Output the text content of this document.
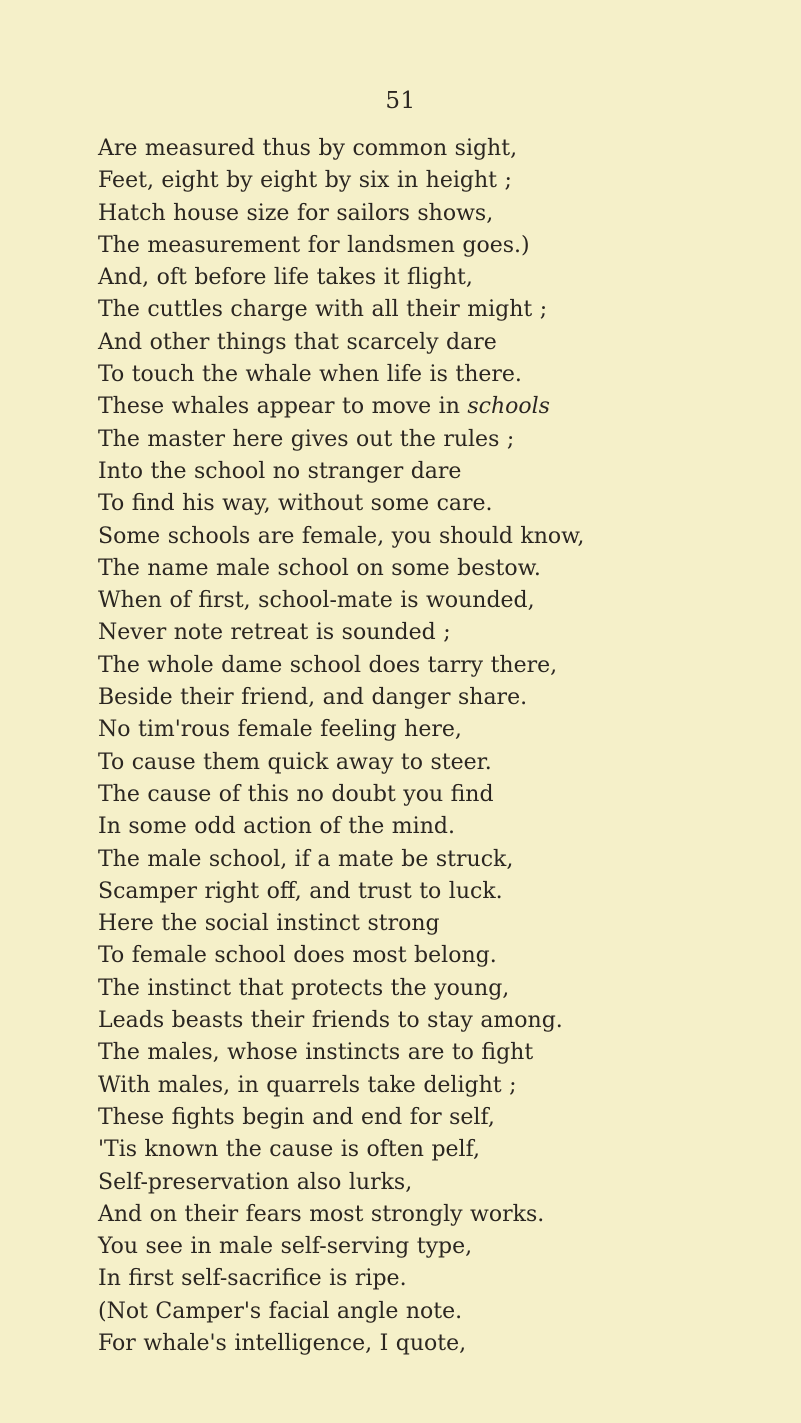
51
Are measured thus by common sight,
Feet, eight by eight by six in height ;
Hatch house size for sailors shows,
The measurement for landsmen goes.)
And, oft before life takes it flight,
The cuttles charge with all their might ;
And other things that scarcely dare
To touch the whale when life is there.
These whales appear to move in schools
The master here gives out the rules ;
Into the school no stranger dare
To find his way, without some care.
Some schools are female, you should know,
The name male school on some bestow.
When of first, school-mate is wounded,
Never note retreat is sounded ;
The whole dame school does tarry there,
Beside their friend, and danger share.
No tim'rous female feeling here,
To cause them quick away to steer.
The cause of this no doubt you find
In some odd action of the mind.
The male school, if a mate be struck,
Scamper right off, and trust to luck.
Here the social instinct strong
To female school does most belong.
The instinct that protects the young,
Leads beasts their friends to stay among.
The males, whose instincts are to fight
With males, in quarrels take delight ;
These fights begin and end for self,
'Tis known the cause is often pelf,
Self-preservation also lurks,
And on their fears most strongly works.
You see in male self-serving type,
In first self-sacrifice is ripe.
(Not Camper's facial angle note.
For whale's intelligence, I quote,
